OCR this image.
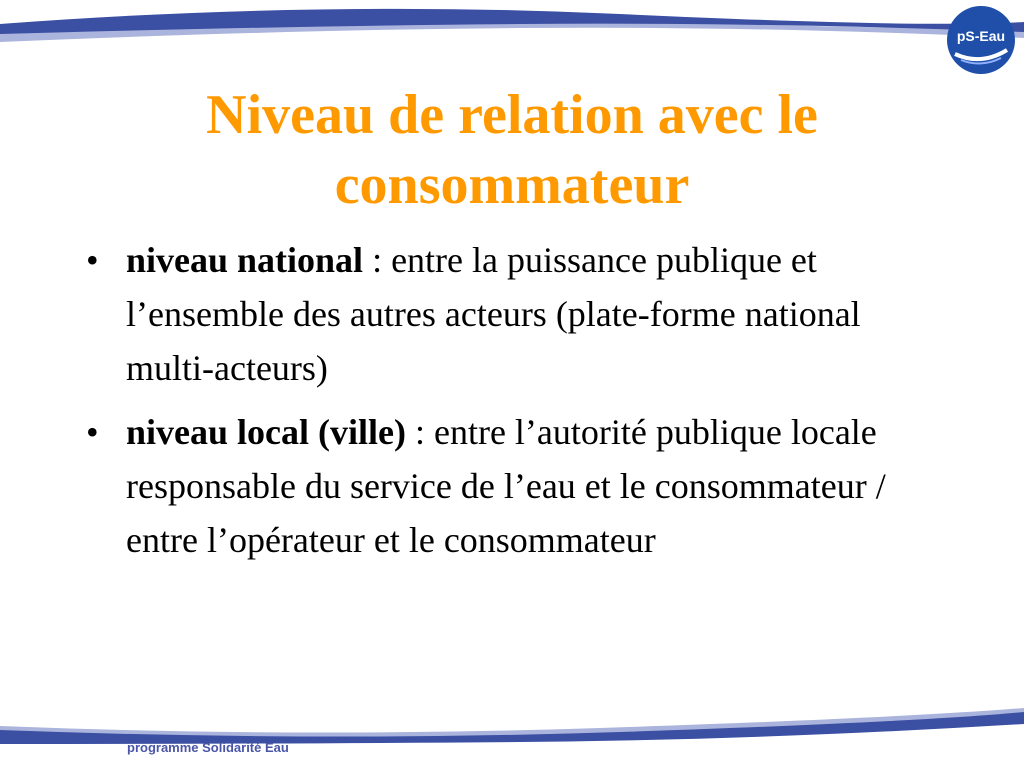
pS-Eau
Niveau de relation avec le consommateur
• niveau national : entre la puissance publique et l’ensemble des autres acteurs (plate-forme national multi-acteurs)
• niveau local (ville) : entre l’autorité publique locale responsable du service de l’eau et le consommateur / entre l’opérateur et le consommateur
programme Solidarité Eau
